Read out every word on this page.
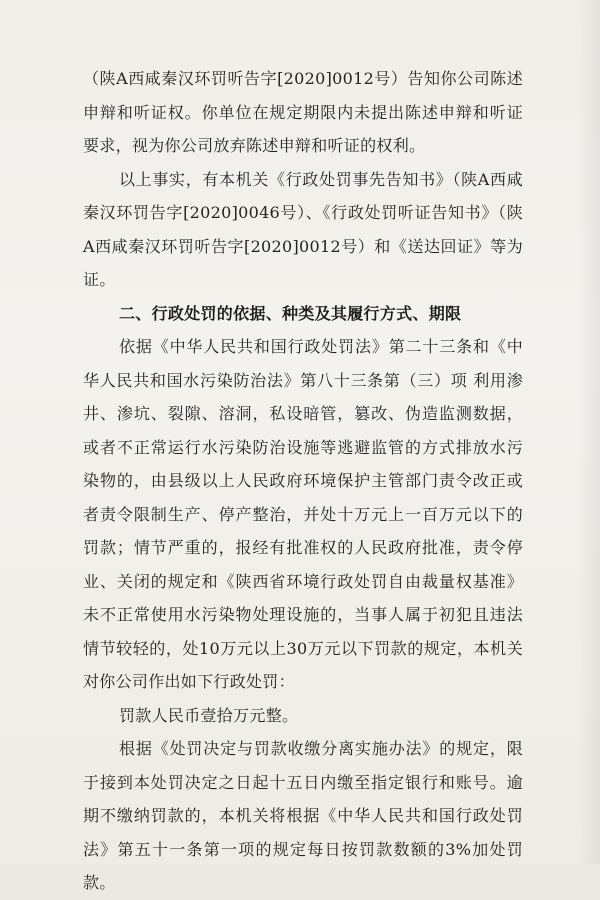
（陕A西咸秦汉环罚听告字[2020]0012号）告知你公司陈述申辩和听证权。你单位在规定期限内未提出陈述申辩和听证要求，视为你公司放弃陈述申辩和听证的权利。

以上事实，有本机关《行政处罚事先告知书》（陕A西咸秦汉环罚告字[2020]0046号）、《行政处罚听证告知书》（陕A西咸秦汉环罚听告字[2020]0012号）和《送达回证》等为证。

二、行政处罚的依据、种类及其履行方式、期限

依据《中华人民共和国行政处罚法》第二十三条和《中华人民共和国水污染防治法》第八十三条第（三）项 利用渗井、渗坑、裂隙、溶洞，私设暗管，篡改、伪造监测数据，或者不正常运行水污染防治设施等逃避监管的方式排放水污染物的，由县级以上人民政府环境保护主管部门责令改正或者责令限制生产、停产整治，并处十万元上一百万元以下的罚款；情节严重的，报经有批准权的人民政府批准，责令停业、关闭的规定和《陕西省环境行政处罚自由裁量权基准》未不正常使用水污染物处理设施的，当事人属于初犯且违法情节较轻的，处10万元以上30万元以下罚款的规定，本机关对你公司作出如下行政处罚：

罚款人民币壹拾万元整。

根据《处罚决定与罚款收缴分离实施办法》的规定，限于接到本处罚决定之日起十五日内缴至指定银行和账号。逾期不缴纳罚款的，本机关将根据《中华人民共和国行政处罚法》第五十一条第一项的规定每日按罚款数额的3%加处罚款。
